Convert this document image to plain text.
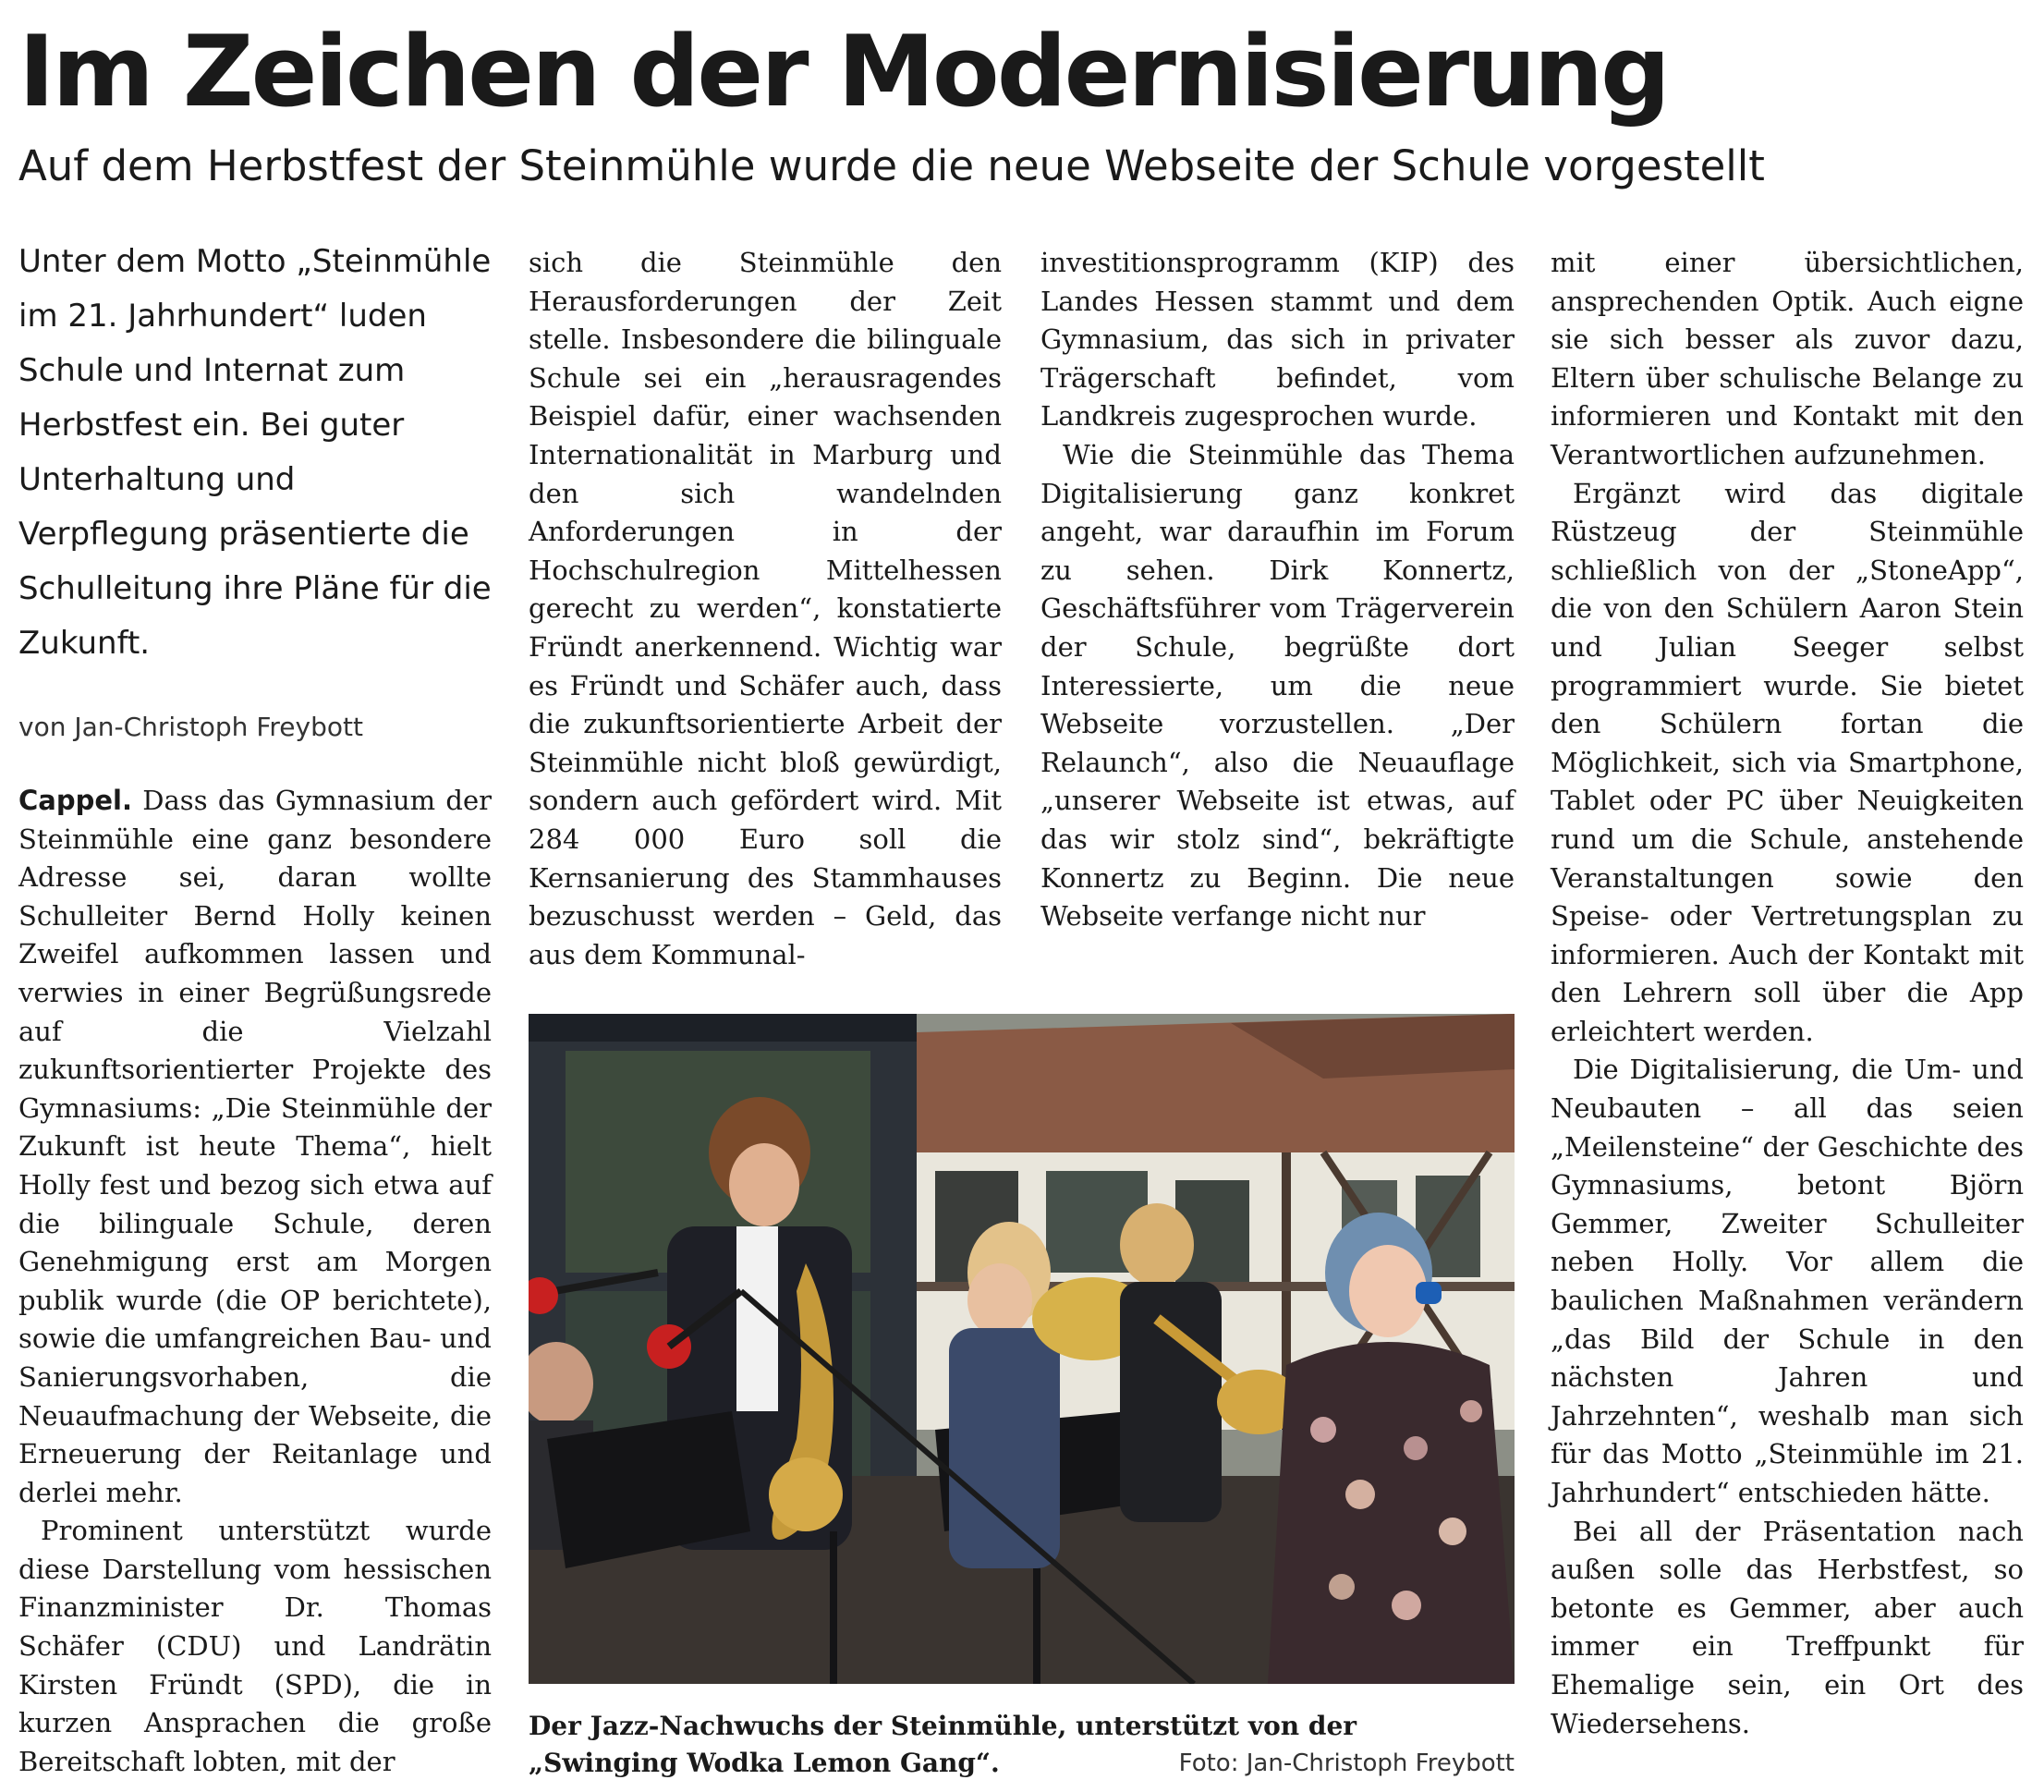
Im Zeichen der Modernisierung
Auf dem Herbstfest der Steinmühle wurde die neue Webseite der Schule vorgestellt

Unter dem Motto „Steinmühle im 21. Jahrhundert“ luden Schule und Internat zum Herbstfest ein. Bei guter Unterhaltung und Verpflegung präsentierte die Schulleitung ihre Pläne für die Zukunft.

von Jan-Christoph Freybott

Cappel. Dass das Gymnasium der Steinmühle eine ganz besondere Adresse sei, daran wollte Schulleiter Bernd Holly keinen Zweifel aufkommen lassen und verwies in einer Begrüßungsrede auf die Vielzahl zukunftsorientierter Projekte des Gymnasiums: „Die Steinmühle der Zukunft ist heute Thema“, hielt Holly fest und bezog sich etwa auf die bilinguale Schule, deren Genehmigung erst am Morgen publik wurde (die OP berichtete), sowie die umfangreichen Bau- und Sanierungsvorhaben, die Neuaufmachung der Webseite, die Erneuerung der Reitanlage und derlei mehr.

Prominent unterstützt wurde diese Darstellung vom hessischen Finanzminister Dr. Thomas Schäfer (CDU) und Landrätin Kirsten Fründt (SPD), die in kurzen Ansprachen die große Bereitschaft lobten, mit der

sich die Steinmühle den Herausforderungen der Zeit stelle. Insbesondere die bilinguale Schule sei ein „herausragendes Beispiel dafür, einer wachsenden Internationalität in Marburg und den sich wandelnden Anforderungen in der Hochschulregion Mittelhessen gerecht zu werden“, konstatierte Fründt anerkennend. Wichtig war es Fründt und Schäfer auch, dass die zukunftsorientierte Arbeit der Steinmühle nicht bloß gewürdigt, sondern auch gefördert wird. Mit 284 000 Euro soll die Kernsanierung des Stammhauses bezuschusst werden – Geld, das aus dem Kommunal-

investitionsprogramm (KIP) des Landes Hessen stammt und dem Gymnasium, das sich in privater Trägerschaft befindet, vom Landkreis zugesprochen wurde.

Wie die Steinmühle das Thema Digitalisierung ganz konkret angeht, war daraufhin im Forum zu sehen. Dirk Konnertz, Geschäftsführer vom Trägerverein der Schule, begrüßte dort Interessierte, um die neue Webseite vorzustellen. „Der Relaunch“, also die Neuauflage „unserer Webseite ist etwas, auf das wir stolz sind“, bekräftigte Konnertz zu Beginn. Die neue Webseite verfange nicht nur

mit einer übersichtlichen, ansprechenden Optik. Auch eigne sie sich besser als zuvor dazu, Eltern über schulische Belange zu informieren und Kontakt mit den Verantwortlichen aufzunehmen.

Ergänzt wird das digitale Rüstzeug der Steinmühle schließlich von der „StoneApp“, die von den Schülern Aaron Stein und Julian Seeger selbst programmiert wurde. Sie bietet den Schülern fortan die Möglichkeit, sich via Smartphone, Tablet oder PC über Neuigkeiten rund um die Schule, anstehende Veranstaltungen sowie den Speise- oder Vertretungsplan zu informieren. Auch der Kontakt mit den Lehrern soll über die App erleichtert werden.

Die Digitalisierung, die Um- und Neubauten – all das seien „Meilensteine“ der Geschichte des Gymnasiums, betont Björn Gemmer, Zweiter Schulleiter neben Holly. Vor allem die baulichen Maßnahmen verändern „das Bild der Schule in den nächsten Jahren und Jahrzehnten“, weshalb man sich für das Motto „Steinmühle im 21. Jahrhundert“ entschieden hätte.

Bei all der Präsentation nach außen solle das Herbstfest, so betonte es Gemmer, aber auch immer ein Treffpunkt für Ehemalige sein, ein Ort des Wiedersehens.

Der Jazz-Nachwuchs der Steinmühle, unterstützt von der „Swinging Wodka Lemon Gang“.	Foto: Jan-Christoph Freybott
